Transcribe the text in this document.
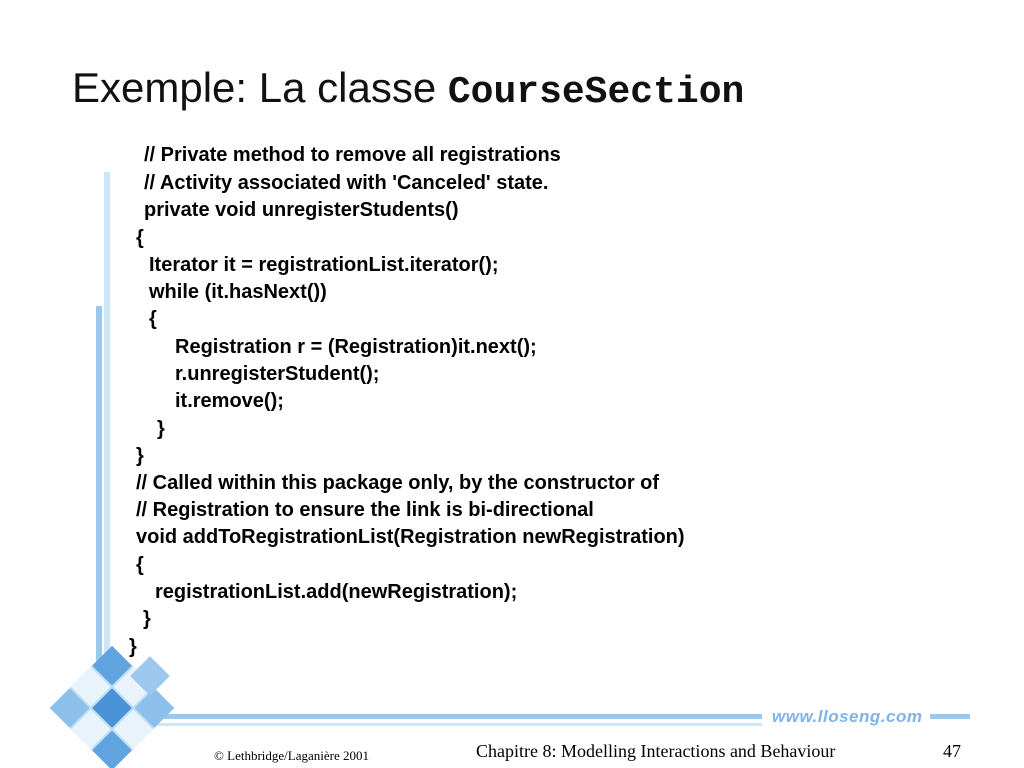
Exemple: La classe CourseSection
// Private method to remove all registrations
// Activity associated with 'Canceled' state.
private void unregisterStudents()
{
Iterator it = registrationList.iterator();
while (it.hasNext())
{
Registration r = (Registration)it.next();
r.unregisterStudent();
it.remove();
}
}
// Called within this package only, by the constructor of
// Registration to ensure the link is bi-directional
void addToRegistrationList(Registration newRegistration)
{
registrationList.add(newRegistration);
}
}
www.lloseng.com
© Lethbridge/Laganière 2001	Chapitre 8: Modelling Interactions and Behaviour	47
